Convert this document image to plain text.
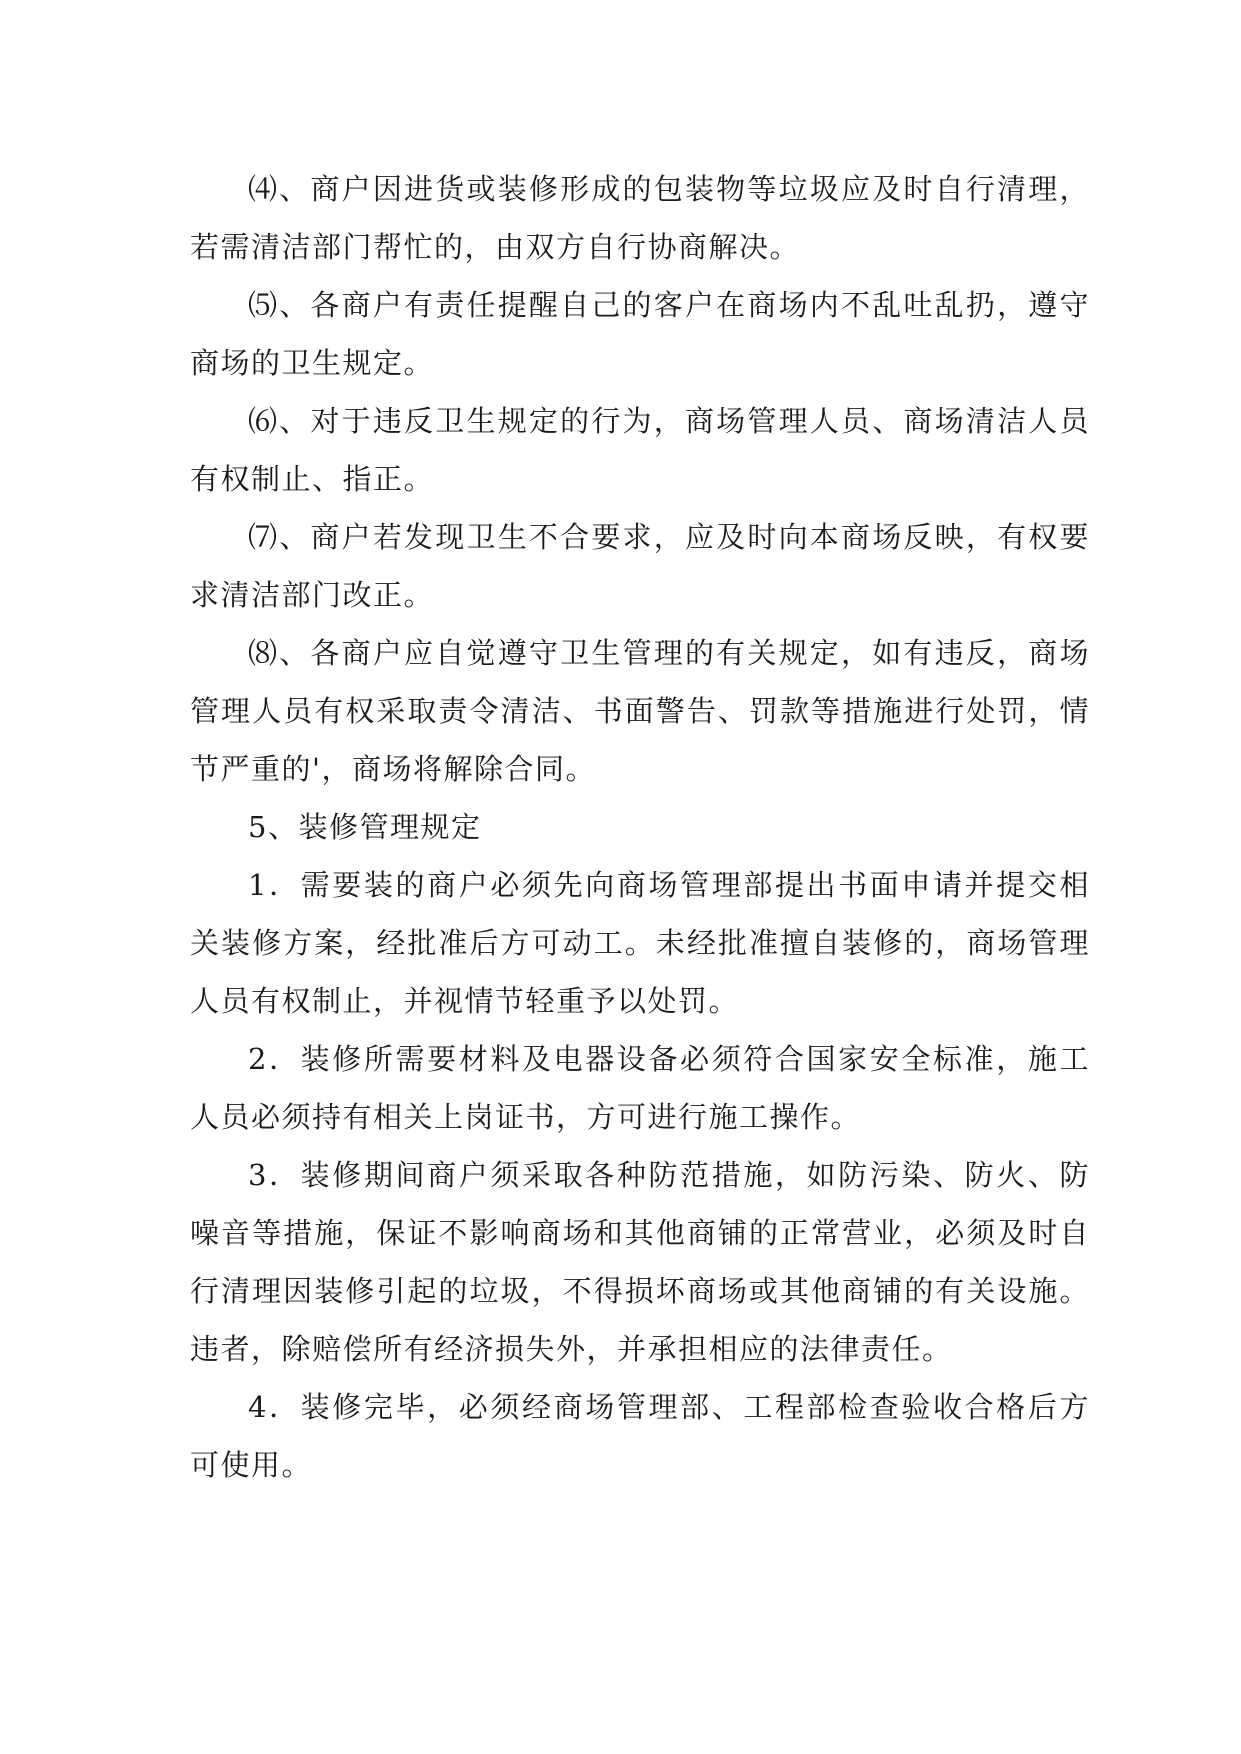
⑷、商户因进货或装修形成的包装物等垃圾应及时自行清理，若需清洁部门帮忙的，由双方自行协商解决。

⑸、各商户有责任提醒自己的客户在商场内不乱吐乱扔，遵守商场的卫生规定。

⑹、对于违反卫生规定的行为，商场管理人员、商场清洁人员有权制止、指正。

⑺、商户若发现卫生不合要求，应及时向本商场反映，有权要求清洁部门改正。

⑻、各商户应自觉遵守卫生管理的有关规定，如有违反，商场管理人员有权采取责令清洁、书面警告、罚款等措施进行处罚，情节严重的'，商场将解除合同。

5、装修管理规定

1．需要装的商户必须先向商场管理部提出书面申请并提交相关装修方案，经批准后方可动工。未经批准擅自装修的，商场管理人员有权制止，并视情节轻重予以处罚。

2．装修所需要材料及电器设备必须符合国家安全标准，施工人员必须持有相关上岗证书，方可进行施工操作。

3．装修期间商户须采取各种防范措施，如防污染、防火、防噪音等措施，保证不影响商场和其他商铺的正常营业，必须及时自行清理因装修引起的垃圾，不得损坏商场或其他商铺的有关设施。违者，除赔偿所有经济损失外，并承担相应的法律责任。

4．装修完毕，必须经商场管理部、工程部检查验收合格后方可使用。
